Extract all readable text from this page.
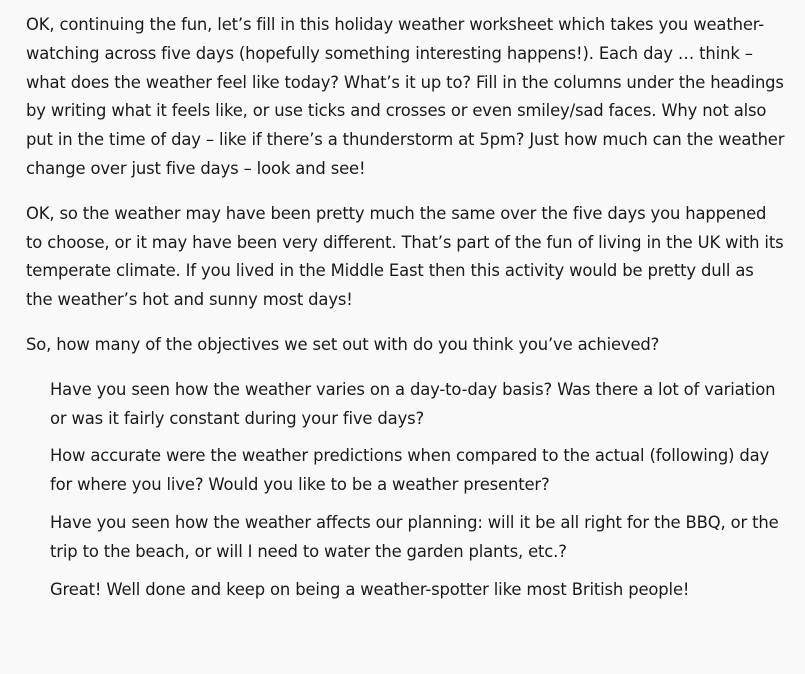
OK, continuing the fun, let’s fill in this holiday weather worksheet which takes you weather-watching across five days (hopefully something interesting happens!). Each day … think – what does the weather feel like today? What’s it up to? Fill in the columns under the headings by writing what it feels like, or use ticks and crosses or even smiley/sad faces. Why not also put in the time of day – like if there’s a thunderstorm at 5pm? Just how much can the weather change over just five days – look and see!

OK, so the weather may have been pretty much the same over the five days you happened to choose, or it may have been very different. That’s part of the fun of living in the UK with its temperate climate. If you lived in the Middle East then this activity would be pretty dull as the weather’s hot and sunny most days!

So, how many of the objectives we set out with do you think you’ve achieved?

Have you seen how the weather varies on a day-to-day basis? Was there a lot of variation or was it fairly constant during your five days?

How accurate were the weather predictions when compared to the actual (following) day for where you live? Would you like to be a weather presenter?

Have you seen how the weather affects our planning: will it be all right for the BBQ, or the trip to the beach, or will I need to water the garden plants, etc.?

Great! Well done and keep on being a weather-spotter like most British people!
